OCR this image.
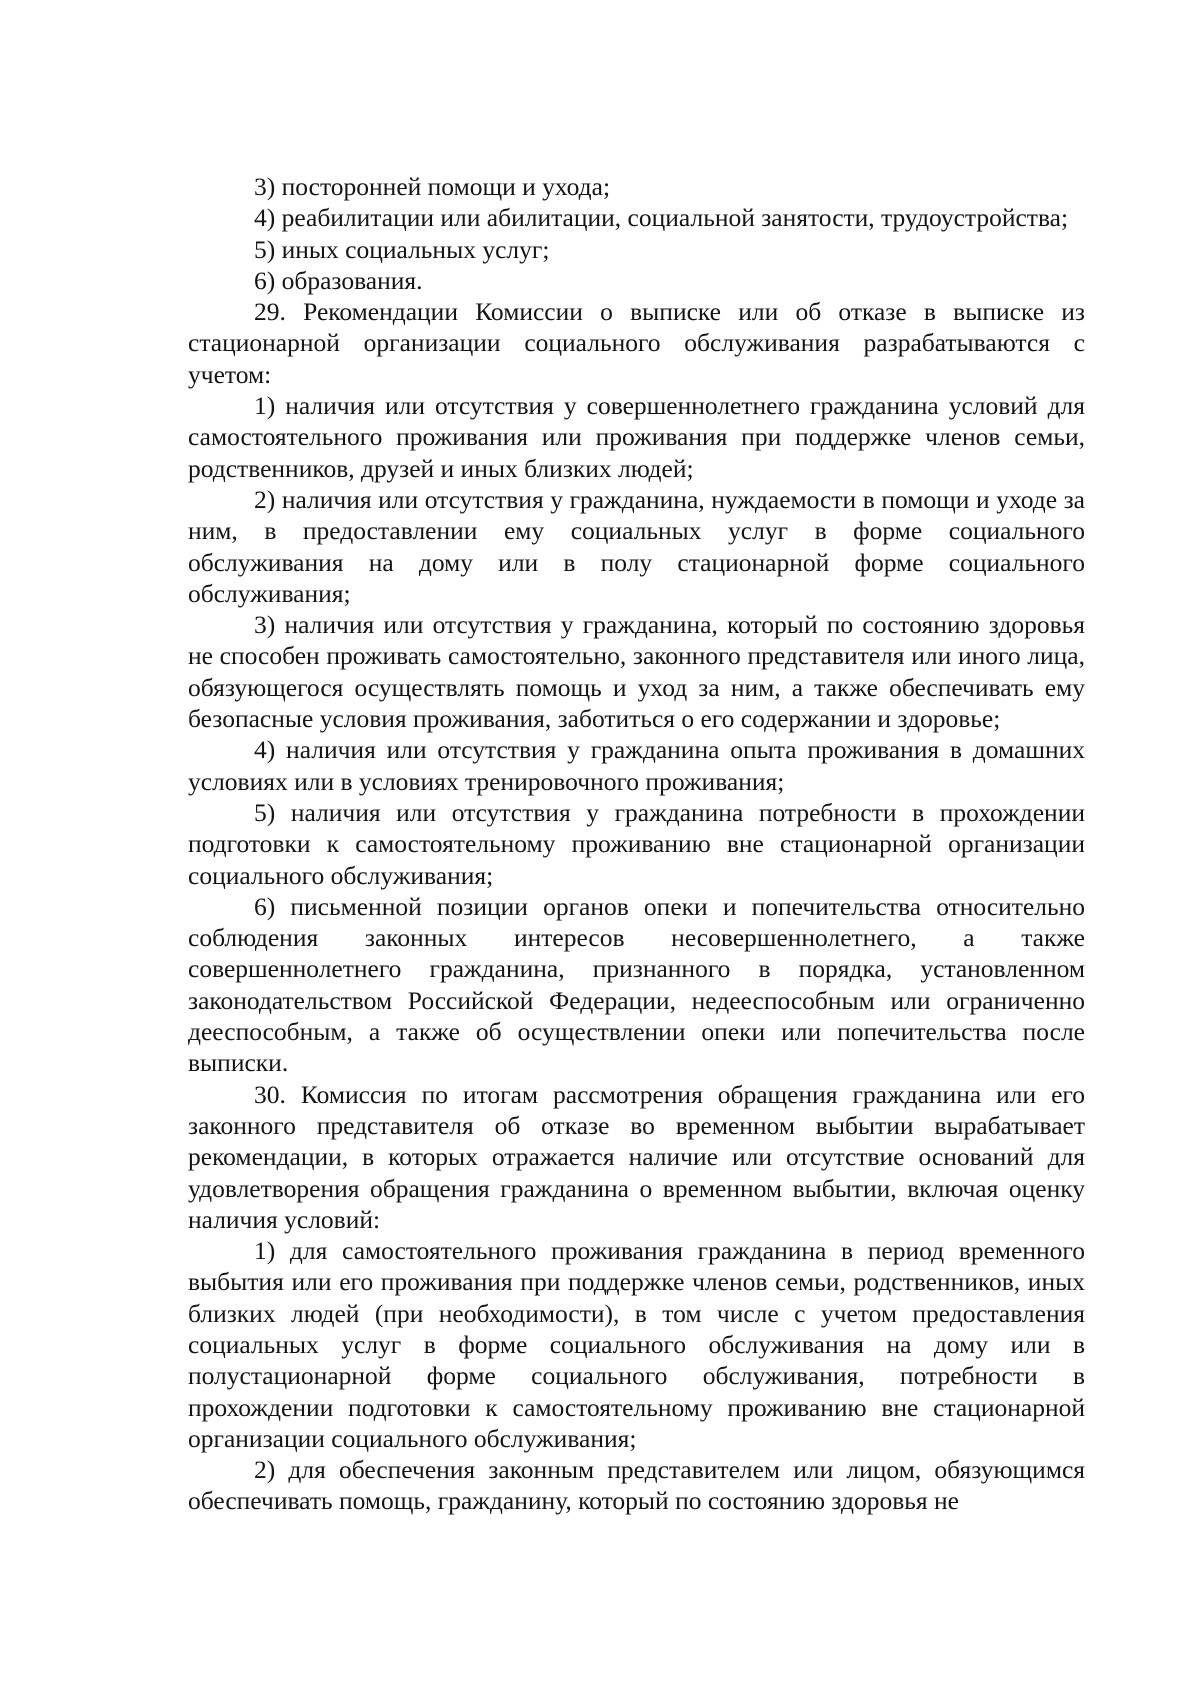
3) посторонней помощи и ухода;

4) реабилитации или абилитации, социальной занятости, трудоустройства;

5) иных социальных услуг;

6) образования.

29. Рекомендации Комиссии о выписке или об отказе в выписке из стационарной организации социального обслуживания разрабатываются с учетом:

1) наличия или отсутствия у совершеннолетнего гражданина условий для самостоятельного проживания или проживания при поддержке членов семьи, родственников, друзей и иных близких людей;

2) наличия или отсутствия у гражданина, нуждаемости в помощи и уходе за ним, в предоставлении ему социальных услуг в форме социального обслуживания на дому или в полу стационарной форме социального обслуживания;

3) наличия или отсутствия у гражданина, который по состоянию здоровья не способен проживать самостоятельно, законного представителя или иного лица, обязующегося осуществлять помощь и уход за ним, а также обеспечивать ему безопасные условия проживания, заботиться о его содержании и здоровье;

4) наличия или отсутствия у гражданина опыта проживания в домашних условиях или в условиях тренировочного проживания;

5) наличия или отсутствия у гражданина потребности в прохождении подготовки к самостоятельному проживанию вне стационарной организации социального обслуживания;

6) письменной позиции органов опеки и попечительства относительно соблюдения законных интересов несовершеннолетнего, а также совершеннолетнего гражданина, признанного в порядка, установленном законодательством Российской Федерации, недееспособным или ограниченно дееспособным, а также об осуществлении опеки или попечительства после выписки.

30. Комиссия по итогам рассмотрения обращения гражданина или его законного представителя об отказе во временном выбытии вырабатывает рекомендации, в которых отражается наличие или отсутствие оснований для удовлетворения обращения гражданина о временном выбытии, включая оценку наличия условий:

1) для самостоятельного проживания гражданина в период временного выбытия или его проживания при поддержке членов семьи, родственников, иных близких людей (при необходимости), в том числе с учетом предоставления социальных услуг в форме социального обслуживания на дому или в полустационарной форме социального обслуживания, потребности в прохождении подготовки к самостоятельному проживанию вне стационарной организации социального обслуживания;

2) для обеспечения законным представителем или лицом, обязующимся обеспечивать помощь, гражданину, который по состоянию здоровья не
